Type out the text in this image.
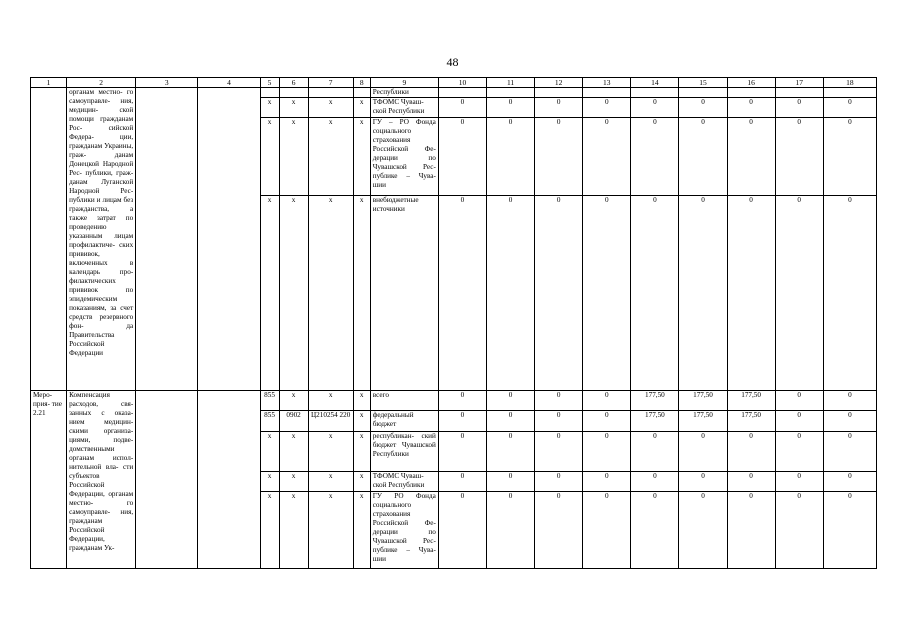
48
1	2	3	4	5	6	7	8	9	10	11	12	13	14	15	16	17	18
	органам местно- го самоуправле- ния, медицин- ской помощи гражданам Рос- сийской Федера- ции, гражданам Украины, граж- данам Донецкой Народной Рес- публики, граж- данам Луганской Народной Рес- публики и лицам без гражданства, а также затрат по проведению указанным лицам профилактиче- ских прививок, включенных в календарь про- филактических прививок по эпидемическим показаниям, за счет средств резервного фон- да Правительства Российской Федерации							Республики									
				x	x	x	x	ТФОМС Чуваш- ской Республики	0	0	0	0	0	0	0	0	0
				x	x	x	x	ГУ – РО Фонда социального страхования Российской Фе- дерации по Чувашской Рес- публике – Чува- шии	0	0	0	0	0	0	0	0	0
				x	x	x	x	внебюджетные источники	0	0	0	0	0	0	0	0	0
Меро- прия- тие 2.21	Компенсация расходов, свя- занных с оказа- нием медицин- скими организа- циями, подве- домственными органам испол- нительной вла- сти субъектов Российской Федерации, органам местно- го самоуправле- ния, гражданам Российской Федерации, гражданам Ук-			855	x	x	x	всего	0	0	0	0	177,50	177,50	177,50	0	0
				855	0902	Ц210254 220	x	федеральный бюджет	0	0	0	0	177,50	177,50	177,50	0	0
				x	x	x	x	республикан- ский бюджет Чувашской Республики	0	0	0	0	0	0	0	0	0
				x	x	x	x	ТФОМС Чуваш- ской Республики	0	0	0	0	0	0	0	0	0
				x	x	x	x	ГУ РО Фонда социального страхования Российской Фе- дерации по Чувашской Рес- публике – Чува- шии	0	0	0	0	0	0	0	0	0
